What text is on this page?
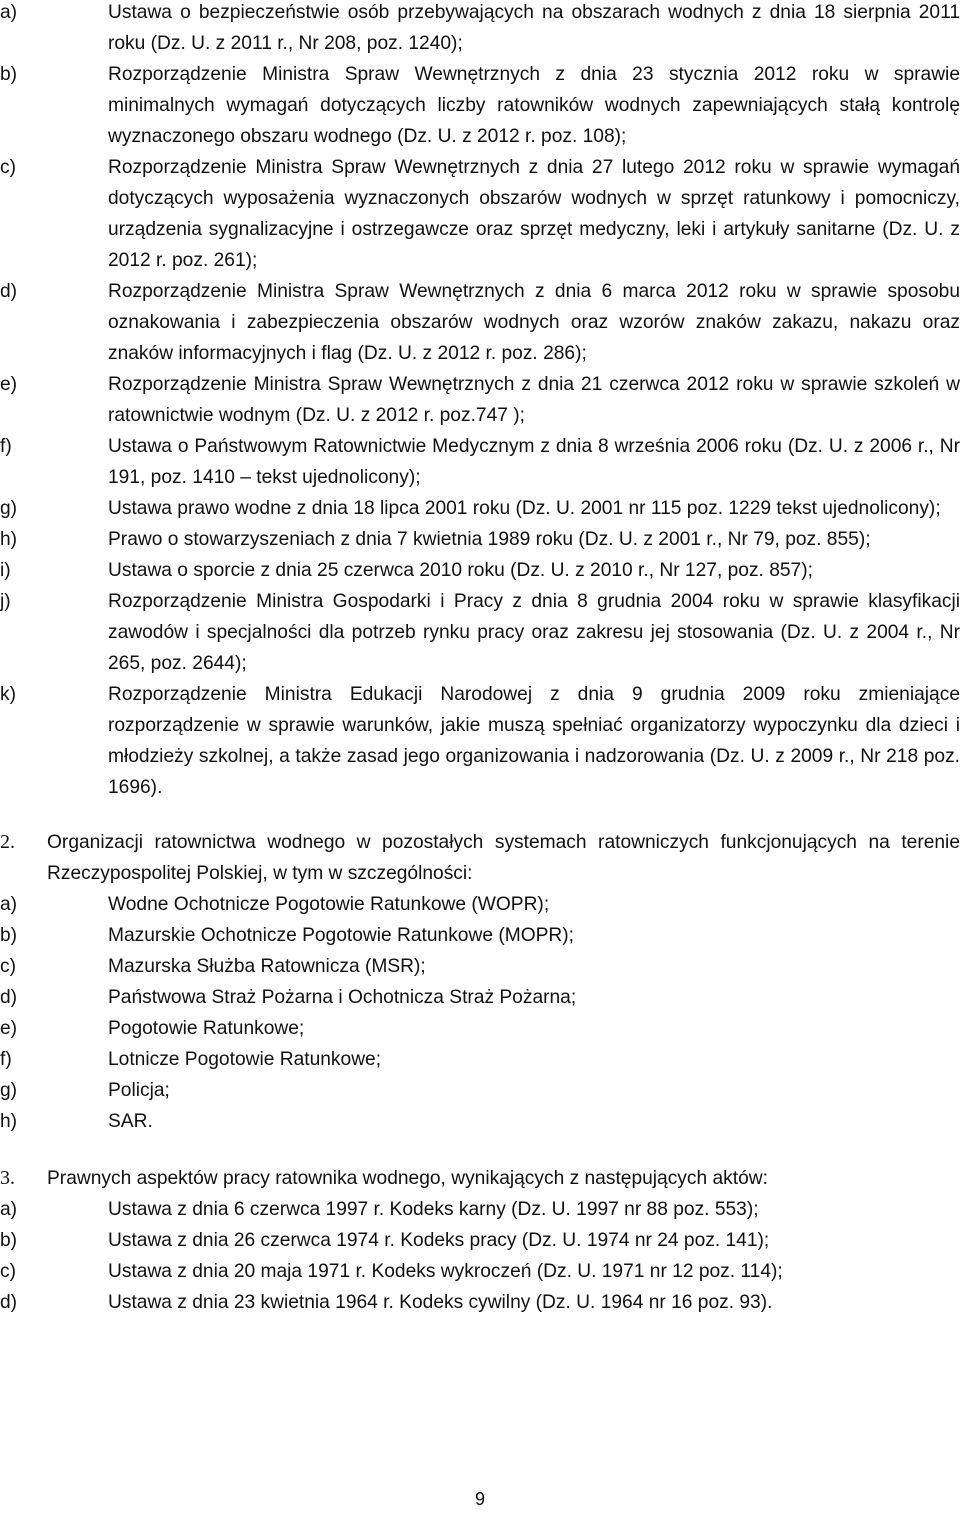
a)	Ustawa o bezpieczeństwie osób przebywających na obszarach wodnych z dnia 18 sierpnia 2011 roku (Dz. U. z 2011 r., Nr 208, poz. 1240);
b)	Rozporządzenie Ministra Spraw Wewnętrznych z dnia 23 stycznia 2012 roku w sprawie minimalnych wymagań dotyczących liczby ratowników wodnych zapewniających stałą kontrolę wyznaczonego obszaru wodnego (Dz. U. z 2012 r. poz. 108);
c)	Rozporządzenie Ministra Spraw Wewnętrznych z dnia 27 lutego 2012 roku w sprawie wymagań dotyczących wyposażenia wyznaczonych obszarów wodnych w sprzęt ratunkowy i pomocniczy, urządzenia sygnalizacyjne i ostrzegawcze oraz sprzęt medyczny, leki i artykuły sanitarne (Dz. U. z 2012 r. poz. 261);
d)	Rozporządzenie Ministra Spraw Wewnętrznych z dnia 6 marca 2012 roku w sprawie sposobu oznakowania i zabezpieczenia obszarów wodnych oraz wzorów znaków zakazu, nakazu oraz znaków informacyjnych i flag (Dz. U. z 2012 r. poz. 286);
e)	Rozporządzenie Ministra Spraw Wewnętrznych z dnia 21 czerwca 2012 roku w sprawie szkoleń w ratownictwie wodnym (Dz. U. z 2012 r. poz.747 );
f)	Ustawa o Państwowym Ratownictwie Medycznym z dnia 8 września 2006 roku (Dz. U. z 2006 r., Nr 191, poz. 1410 – tekst ujednolicony);
g)	Ustawa prawo wodne z dnia 18 lipca 2001 roku (Dz. U. 2001 nr 115 poz. 1229 tekst ujednolicony);
h)	Prawo o stowarzyszeniach z dnia 7 kwietnia 1989 roku (Dz. U. z 2001 r., Nr 79, poz. 855);
i)	Ustawa o sporcie z dnia 25 czerwca 2010 roku (Dz. U. z 2010 r., Nr 127, poz. 857);
j)	Rozporządzenie Ministra Gospodarki i Pracy z dnia 8 grudnia 2004 roku w sprawie klasyfikacji zawodów i specjalności dla potrzeb rynku pracy oraz zakresu jej stosowania (Dz. U. z 2004 r., Nr 265, poz. 2644);
k)	Rozporządzenie Ministra Edukacji Narodowej z dnia 9 grudnia 2009 roku zmieniające rozporządzenie w sprawie warunków, jakie muszą spełniać organizatorzy wypoczynku dla dzieci i młodzieży szkolnej, a także zasad jego organizowania i nadzorowania (Dz. U. z 2009 r., Nr 218 poz. 1696).
2.	Organizacji ratownictwa wodnego w pozostałych systemach ratowniczych funkcjonujących na terenie Rzeczypospolitej Polskiej, w tym w szczególności:
a)	Wodne Ochotnicze Pogotowie Ratunkowe (WOPR);
b)	Mazurskie Ochotnicze Pogotowie Ratunkowe (MOPR);
c)	Mazurska Służba Ratownicza (MSR);
d)	Państwowa Straż Pożarna i Ochotnicza Straż Pożarna;
e)	Pogotowie Ratunkowe;
f)	Lotnicze Pogotowie Ratunkowe;
g)	Policja;
h)	SAR.
3.	Prawnych aspektów pracy ratownika wodnego, wynikających z następujących aktów:
a)	Ustawa z dnia 6 czerwca 1997 r. Kodeks karny (Dz. U. 1997 nr 88 poz. 553);
b)	Ustawa z dnia 26 czerwca 1974 r. Kodeks pracy (Dz. U. 1974 nr 24 poz. 141);
c)	Ustawa z dnia 20 maja 1971 r. Kodeks wykroczeń (Dz. U. 1971 nr 12 poz. 114);
d)	Ustawa z dnia 23 kwietnia 1964 r. Kodeks cywilny (Dz. U. 1964 nr 16 poz. 93).
9
